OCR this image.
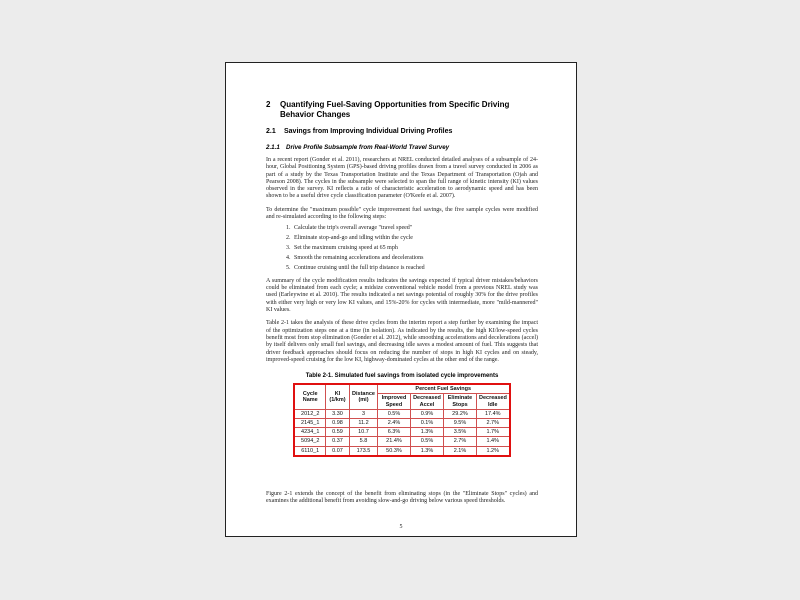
2	Quantifying Fuel-Saving Opportunities from Specific Driving Behavior Changes
2.1	Savings from Improving Individual Driving Profiles
2.1.1	Drive Profile Subsample from Real-World Travel Survey

In a recent report (Gonder et al. 2011), researchers at NREL conducted detailed analyses of a subsample of 24-hour, Global Positioning System (GPS)-based driving profiles drawn from a travel survey conducted in 2006 as part of a study by the Texas Transportation Institute and the Texas Department of Transportation (Ojah and Pearson 2008). The cycles in the subsample were selected to span the full range of kinetic intensity (KI) values observed in the survey. KI reflects a ratio of characteristic acceleration to aerodynamic speed and has been shown to be a useful drive cycle classification parameter (O'Keefe et al. 2007).

To determine the "maximum possible" cycle improvement fuel savings, the five sample cycles were modified and re-simulated according to the following steps:

1. Calculate the trip's overall average "travel speed"
2. Eliminate stop-and-go and idling within the cycle
3. Set the maximum cruising speed at 65 mph
4. Smooth the remaining accelerations and decelerations
5. Continue cruising until the full trip distance is reached

A summary of the cycle modification results indicates the savings expected if typical driver mistakes/behaviors could be eliminated from each cycle; a midsize conventional vehicle model from a previous NREL study was used (Earleywine et al. 2010). The results indicated a net savings potential of roughly 30% for the drive profiles with either very high or very low KI values, and 15%-20% for cycles with intermediate, more "mild-mannered" KI values.

Table 2-1 takes the analysis of these drive cycles from the interim report a step further by examining the impact of the optimization steps one at a time (in isolation). As indicated by the results, the high KI/low-speed cycles benefit most from stop elimination (Gonder et al. 2012), while smoothing accelerations and decelerations (accel) by itself delivers only small fuel savings, and decreasing idle saves a modest amount of fuel. This suggests that driver feedback approaches should focus on reducing the number of stops in high KI cycles and on steady, improved-speed cruising for the low KI, highway-dominated cycles at the other end of the range.

Table 2-1. Simulated fuel savings from isolated cycle improvements
Cycle Name	KI (1/km)	Distance (mi)	Percent Fuel Savings			
			Improved Speed	Decreased Accel	Eliminate Stops	Decreased Idle
2012_2	3.30	3	0.5%	0.9%	29.2%	17.4%
2145_1	0.98	11.2	2.4%	0.1%	9.5%	2.7%
4234_1	0.59	10.7	6.3%	1.3%	3.5%	1.7%
5094_2	0.37	5.8	21.4%	0.5%	2.7%	1.4%
6110_1	0.07	173.5	50.3%	1.3%	2.1%	1.2%

Figure 2-1 extends the concept of the benefit from eliminating stops (in the "Eliminate Stops" cycles) and examines the additional benefit from avoiding slow-and-go driving below various speed thresholds.

5
